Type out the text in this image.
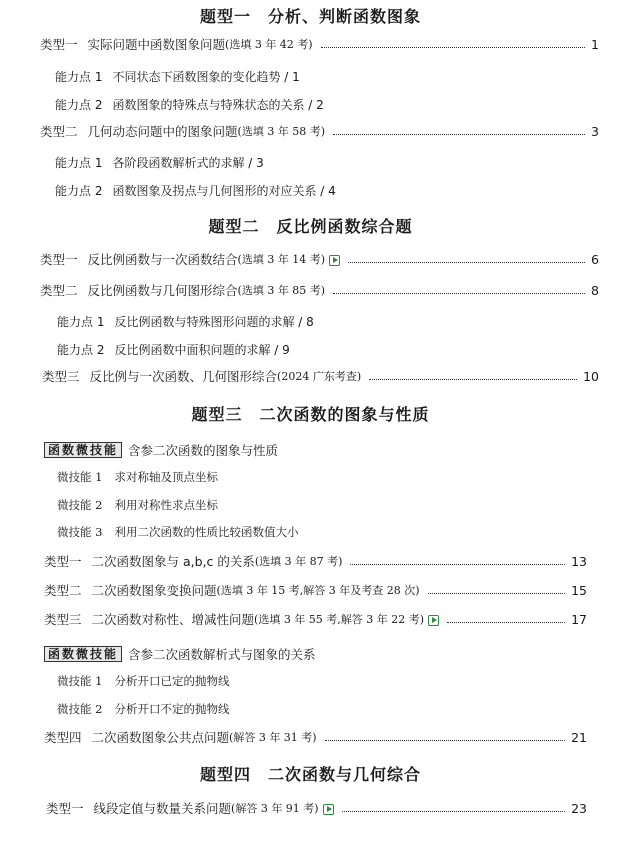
题型一　分析、判断函数图象
类型一 实际问题中函数图象问题 (选填 3 年 42 考)	1
能力点 1 不同状态下函数图象的变化趋势 / 1
能力点 2 函数图象的特殊点与特殊状态的关系 / 2
类型二 几何动态问题中的图象问题 (选填 3 年 58 考)	3
能力点 1 各阶段函数解析式的求解 / 3
能力点 2 函数图象及拐点与几何图形的对应关系 / 4
题型二　反比例函数综合题
类型一 反比例函数与一次函数结合 (选填 3 年 14 考)	6
类型二 反比例函数与几何图形综合 (选填 3 年 85 考)	8
能力点 1 反比例函数与特殊图形问题的求解 / 8
能力点 2 反比例函数中面积问题的求解 / 9
类型三 反比例与一次函数、几何图形综合 (2024 广东考查)	10
题型三　二次函数的图象与性质
函数微技能 含参二次函数的图象与性质
微技能 1 求对称轴及顶点坐标
微技能 2 利用对称性求点坐标
微技能 3 利用二次函数的性质比较函数值大小
类型一 二次函数图象与 a,b,c 的关系 (选填 3 年 87 考)	13
类型二 二次函数图象变换问题 (选填 3 年 15 考,解答 3 年及考查 28 次)	15
类型三 二次函数对称性、增减性问题 (选填 3 年 55 考,解答 3 年 22 考)	17
函数微技能 含参二次函数解析式与图象的关系
微技能 1 分析开口已定的抛物线
微技能 2 分析开口不定的抛物线
类型四 二次函数图象公共点问题 (解答 3 年 31 考)	21
题型四　二次函数与几何综合
类型一 线段定值与数量关系问题 (解答 3 年 91 考)	23
